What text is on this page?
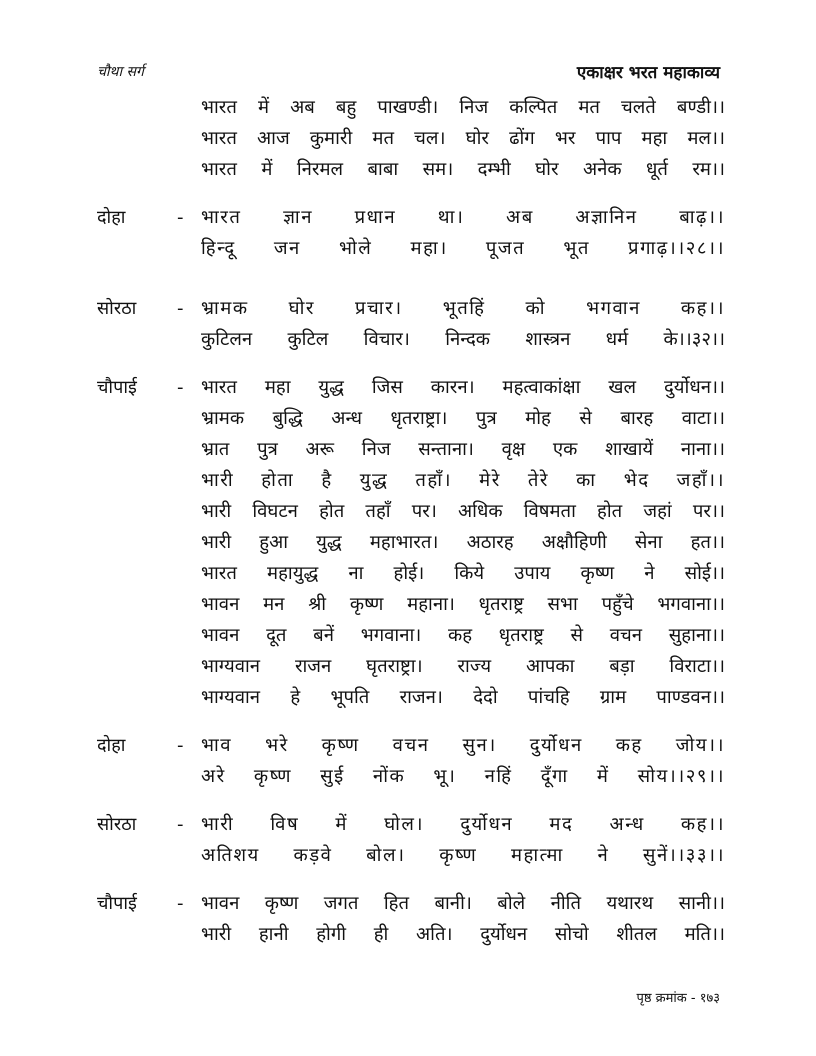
चौथा सर्ग	एकाक्षर भरत महाकाव्य
भारत में अब बहु पाखण्डी। निज कल्पित मत चलते बण्डी।।
भारत आज कुमारी मत चल। घोर ढोंग भर पाप महा मल।।
भारत में निरमल बाबा सम। दम्भी घोर अनेक धूर्त रम।।
दोहा	- भारत ज्ञान प्रधान था। अब अज्ञानिन बाढ़।।
हिन्दू जन भोले महा। पूजत भूत प्रगाढ़।।२८।।
सोरठा	- भ्रामक घोर प्रचार। भूतहिं को भगवान कह।।
कुटिलन कुटिल विचार। निन्दक शास्त्रन धर्म के।।३२।।
चौपाई	- भारत महा युद्ध जिस कारन। महत्वाकांक्षा खल दुर्योधन।।
भ्रामक बुद्धि अन्ध धृतराष्ट्रा। पुत्र मोह से बारह वाटा।।
भ्रात पुत्र अरू निज सन्ताना। वृक्ष एक शाखायें नाना।।
भारी होता है युद्ध तहाँ। मेरे तेरे का भेद जहाँ।।
भारी विघटन होत तहाँ पर। अधिक विषमता होत जहां पर।।
भारी हुआ युद्ध महाभारत। अठारह अक्षौहिणी सेना हत।।
भारत महायुद्ध ना होई। किये उपाय कृष्ण ने सोई।।
भावन मन श्री कृष्ण महाना। धृतराष्ट्र सभा पहुँचे भगवाना।।
भावन दूत बनें भगवाना। कह धृतराष्ट्र से वचन सुहाना।।
भाग्यवान राजन घृतराष्ट्रा। राज्य आपका बड़ा विराटा।।
भाग्यवान हे भूपति राजन। देदो पांचहि ग्राम पाण्डवन।।
दोहा	- भाव भरे कृष्ण वचन सुन। दुर्योधन कह जोय।।
अरे कृष्ण सुई नोंक भू। नहिं दूँगा में सोय।।२९।।
सोरठा	- भारी विष में घोल। दुर्योधन मद अन्ध कह।।
अतिशय कड़वे बोल। कृष्ण महात्मा ने सुनें।।३३।।
चौपाई	- भावन कृष्ण जगत हित बानी। बोले नीति यथारथ सानी।।
भारी हानी होगी ही अति। दुर्योधन सोचो शीतल मति।।
पृष्ठ क्रमांक - १७३
